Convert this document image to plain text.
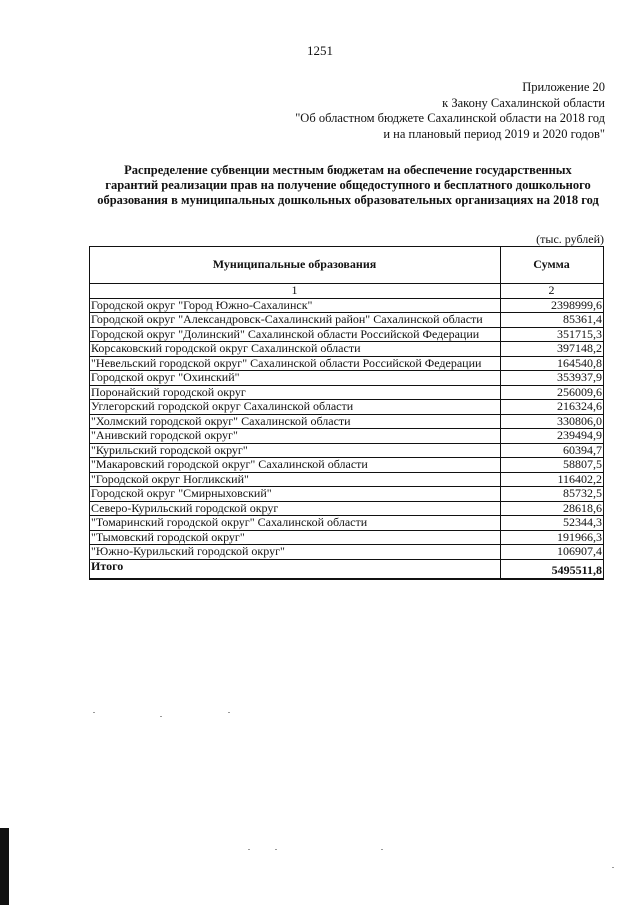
1251
Приложение 20
к Закону Сахалинской области
"Об областном бюджете Сахалинской области на 2018 год
и на плановый период 2019 и 2020 годов"
Распределение субвенции местным бюджетам на обеспечение государственных
гарантий реализации прав на получение общедоступного и бесплатного дошкольного
образования в муниципальных дошкольных образовательных организациях на 2018 год
(тыс. рублей)
Муниципальные образования	Сумма
1	2
Городской округ "Город Южно-Сахалинск"	2398999,6
Городской округ "Александровск-Сахалинский район" Сахалинской области	85361,4
Городской округ "Долинский" Сахалинской области Российской Федерации	351715,3
Корсаковский городской округ Сахалинской области	397148,2
"Невельский городской округ" Сахалинской области Российской Федерации	164540,8
Городской округ "Охинский"	353937,9
Поронайский городской округ	256009,6
Углегорский городской округ Сахалинской области	216324,6
"Холмский городской округ" Сахалинской области	330806,0
"Анивский городской округ"	239494,9
"Курильский городской округ"	60394,7
"Макаровский городской округ" Сахалинской области	58807,5
"Городской округ Ногликский"	116402,2
Городской округ "Смирныховский"	85732,5
Северо-Курильский городской округ	28618,6
"Томаринский городской округ" Сахалинской области	52344,3
"Тымовский городской округ"	191966,3
"Южно-Курильский городской округ"	106907,4
Итого	5495511,8
